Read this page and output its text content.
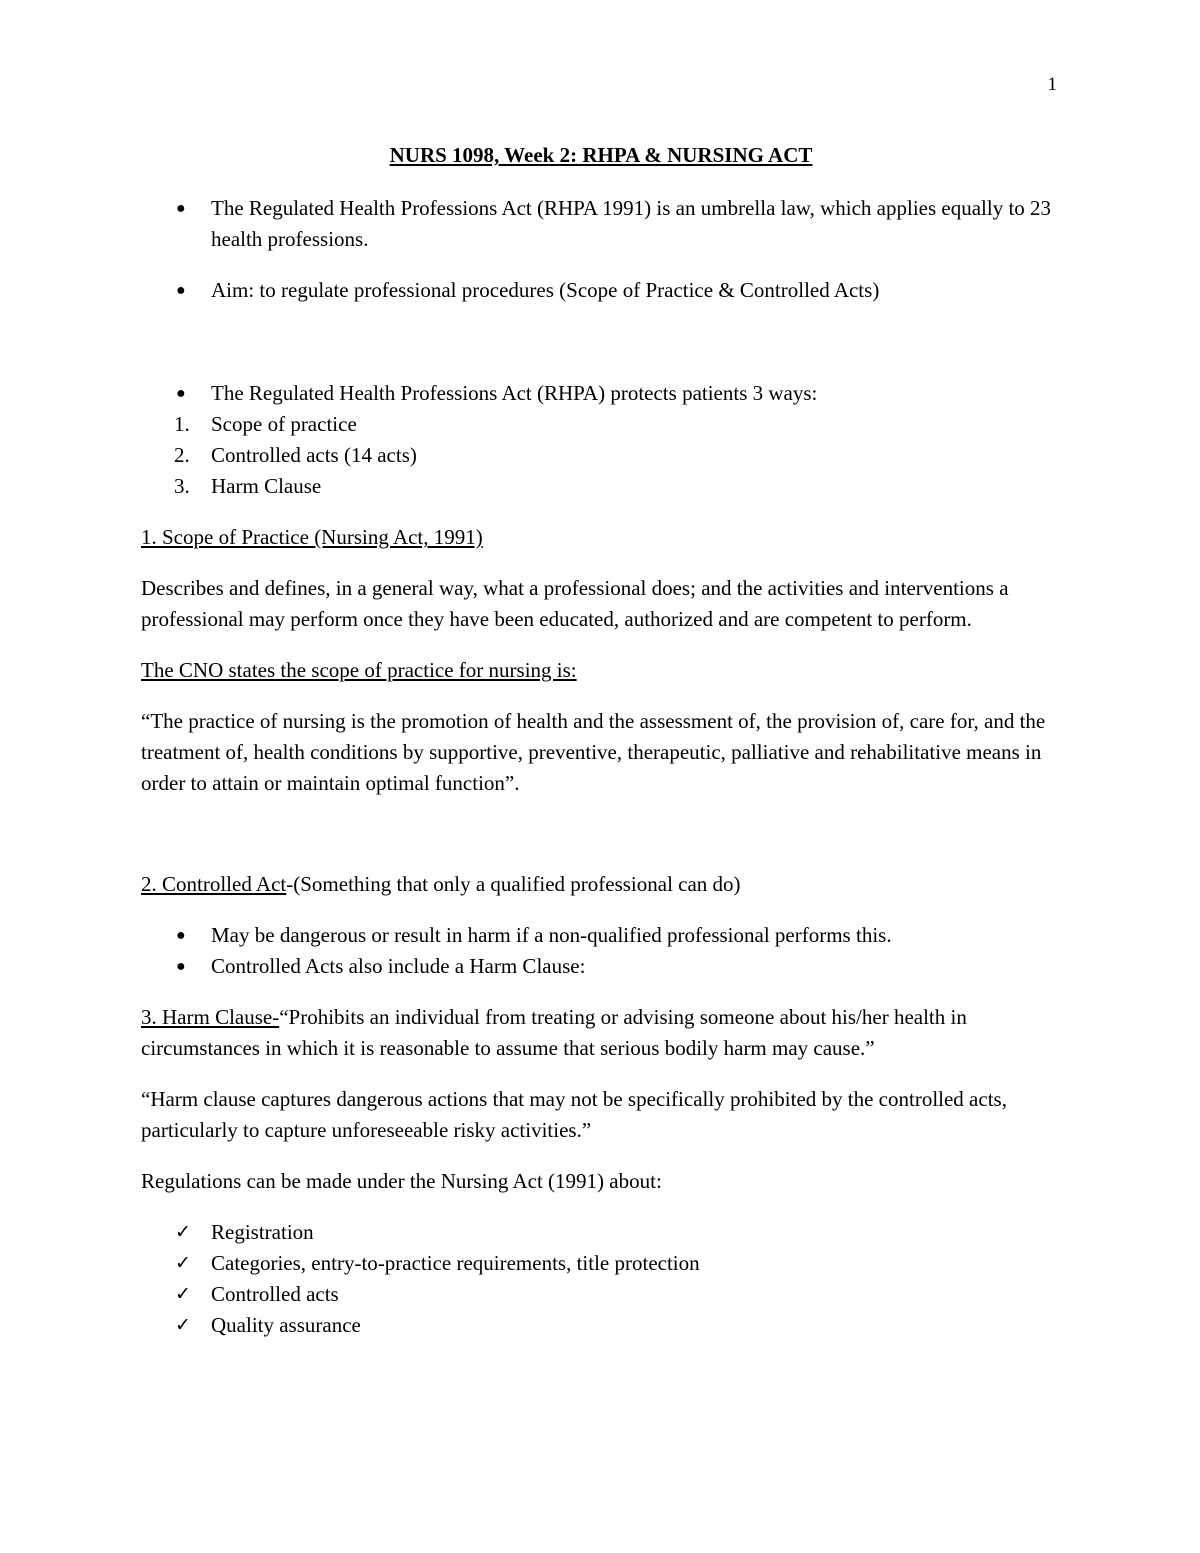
1

NURS 1098, Week 2: RHPA & NURSING ACT

● The Regulated Health Professions Act (RHPA 1991) is an umbrella law, which applies equally to 23 health professions.
● Aim: to regulate professional procedures (Scope of Practice & Controlled Acts)
● The Regulated Health Professions Act (RHPA) protects patients 3 ways:
1. Scope of practice
2. Controlled acts (14 acts)
3. Harm Clause

1. Scope of Practice (Nursing Act, 1991)

Describes and defines, in a general way, what a professional does; and the activities and interventions a professional may perform once they have been educated, authorized and are competent to perform.

The CNO states the scope of practice for nursing is:

“The practice of nursing is the promotion of health and the assessment of, the provision of, care for, and the treatment of, health conditions by supportive, preventive, therapeutic, palliative and rehabilitative means in order to attain or maintain optimal function”.

2. Controlled Act-(Something that only a qualified professional can do)

● May be dangerous or result in harm if a non-qualified professional performs this.
● Controlled Acts also include a Harm Clause:

3. Harm Clause-“Prohibits an individual from treating or advising someone about his/her health in circumstances in which it is reasonable to assume that serious bodily harm may cause.”

“Harm clause captures dangerous actions that may not be specifically prohibited by the controlled acts, particularly to capture unforeseeable risky activities.”

Regulations can be made under the Nursing Act (1991) about:

✓ Registration
✓ Categories, entry-to-practice requirements, title protection
✓ Controlled acts
✓ Quality assurance
